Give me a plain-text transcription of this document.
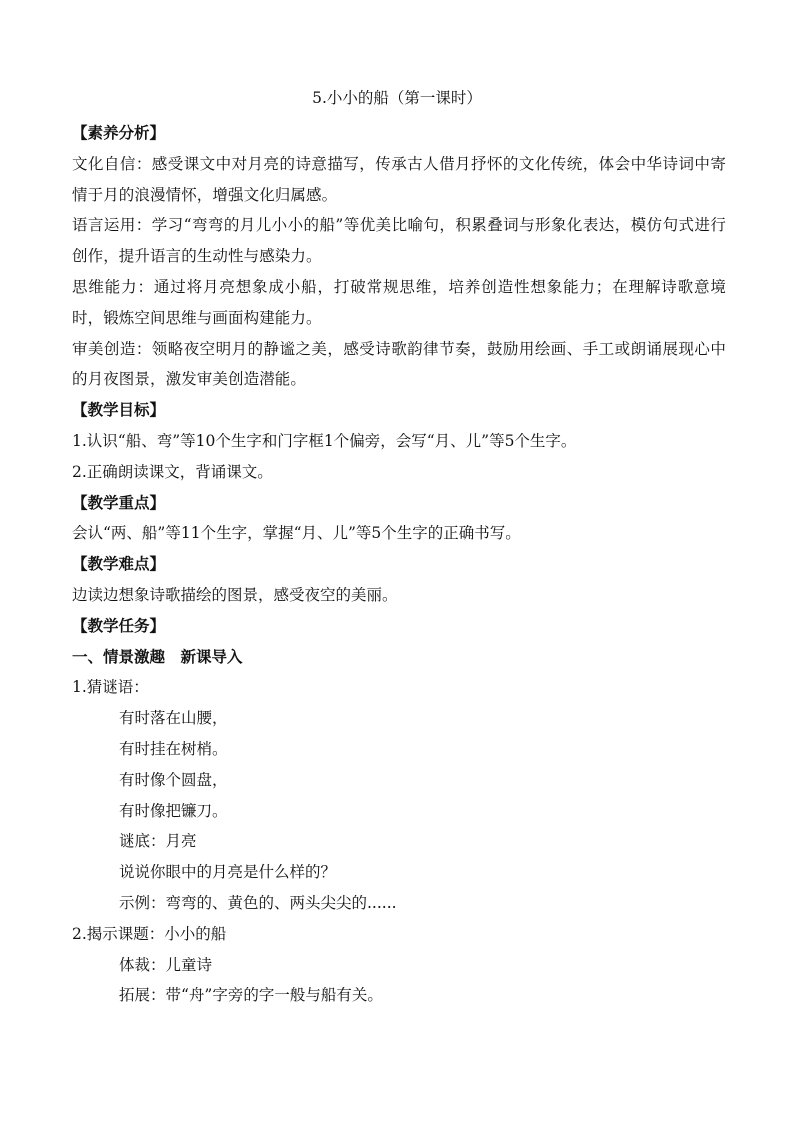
5.小小的船（第一课时）

【素养分析】

文化自信：感受课文中对月亮的诗意描写，传承古人借月抒怀的文化传统，体会中华诗词中寄情于月的浪漫情怀，增强文化归属感。

语言运用：学习“弯弯的月儿小小的船”等优美比喻句，积累叠词与形象化表达，模仿句式进行创作，提升语言的生动性与感染力。

思维能力：通过将月亮想象成小船，打破常规思维，培养创造性想象能力；在理解诗歌意境时，锻炼空间思维与画面构建能力。

审美创造：领略夜空明月的静谧之美，感受诗歌韵律节奏，鼓励用绘画、手工或朗诵展现心中的月夜图景，激发审美创造潜能。

【教学目标】

1.认识“船、弯”等10个生字和门字框1个偏旁，会写“月、儿”等5个生字。

2.正确朗读课文，背诵课文。

【教学重点】

会认“两、船”等11个生字，掌握“月、儿”等5个生字的正确书写。

【教学难点】

边读边想象诗歌描绘的图景，感受夜空的美丽。

【教学任务】

一、情景激趣　新课导入

1.猜谜语：

有时落在山腰，

有时挂在树梢。

有时像个圆盘，

有时像把镰刀。

谜底：月亮

说说你眼中的月亮是什么样的？

示例：弯弯的、黄色的、两头尖尖的......

2.揭示课题：小小的船

体裁：儿童诗

拓展：带“舟”字旁的字一般与船有关。
